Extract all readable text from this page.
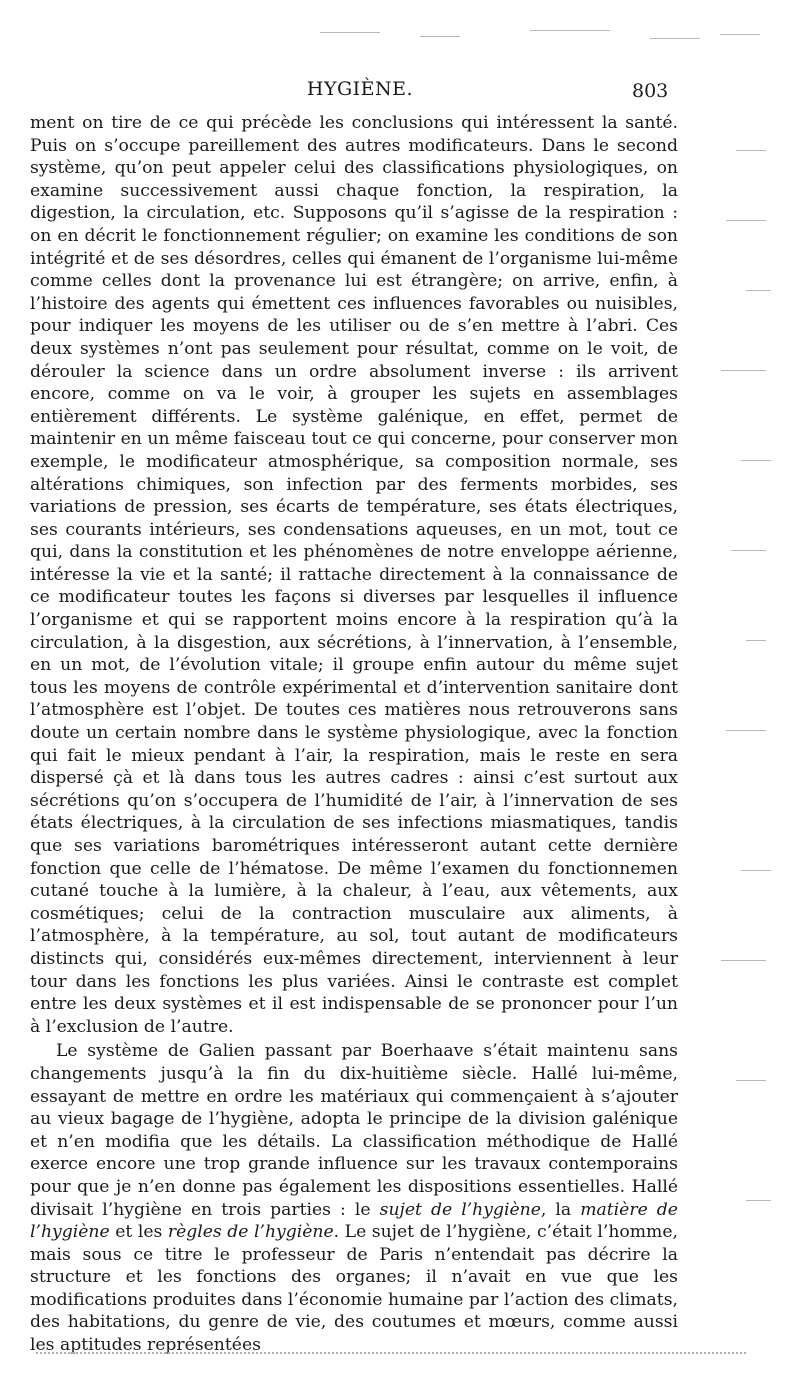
HYGIÈNE.	803

ment on tire de ce qui précède les conclusions qui intéressent la santé. Puis on s’occupe pareillement des autres modificateurs. Dans le second système, qu’on peut appeler celui des classifications physiologiques, on examine successivement aussi chaque fonction, la respiration, la digestion, la circulation, etc. Supposons qu’il s’agisse de la respiration : on en décrit le fonctionnement régulier; on examine les conditions de son intégrité et de ses désordres, celles qui émanent de l’organisme lui-même comme celles dont la provenance lui est étrangère; on arrive, enfin, à l’histoire des agents qui émettent ces influences favorables ou nuisibles, pour indiquer les moyens de les utiliser ou de s’en mettre à l’abri. Ces deux systèmes n’ont pas seulement pour résultat, comme on le voit, de dérouler la science dans un ordre absolument inverse : ils arrivent encore, comme on va le voir, à grouper les sujets en assemblages entièrement différents. Le système galénique, en effet, permet de maintenir en un même faisceau tout ce qui concerne, pour conserver mon exemple, le modificateur atmosphérique, sa composition normale, ses altérations chimiques, son infection par des ferments morbides, ses variations de pression, ses écarts de température, ses états électriques, ses courants intérieurs, ses condensations aqueuses, en un mot, tout ce qui, dans la constitution et les phénomènes de notre enveloppe aérienne, intéresse la vie et la santé; il rattache directement à la connaissance de ce modificateur toutes les façons si diverses par lesquelles il influence l’organisme et qui se rapportent moins encore à la respiration qu’à la circulation, à la disgestion, aux sécrétions, à l’innervation, à l’ensemble, en un mot, de l’évolution vitale; il groupe enfin autour du même sujet tous les moyens de contrôle expérimental et d’intervention sanitaire dont l’atmosphère est l’objet. De toutes ces matières nous retrouverons sans doute un certain nombre dans le système physiologique, avec la fonction qui fait le mieux pendant à l’air, la respiration, mais le reste en sera dispersé çà et là dans tous les autres cadres : ainsi c’est surtout aux sécrétions qu’on s’occupera de l’humidité de l’air, à l’innervation de ses états électriques, à la circulation de ses infections miasmatiques, tandis que ses variations barométriques intéresseront autant cette dernière fonction que celle de l’hématose. De même l’examen du fonctionnemen cutané touche à la lumière, à la chaleur, à l’eau, aux vêtements, aux cosmétiques; celui de la contraction musculaire aux aliments, à l’atmosphère, à la température, au sol, tout autant de modificateurs distincts qui, considérés eux-mêmes directement, interviennent à leur tour dans les fonctions les plus variées. Ainsi le contraste est complet entre les deux systèmes et il est indispensable de se prononcer pour l’un à l’exclusion de l’autre.

Le système de Galien passant par Boerhaave s’était maintenu sans changements jusqu’à la fin du dix-huitième siècle. Hallé lui-même, essayant de mettre en ordre les matériaux qui commençaient à s’ajouter au vieux bagage de l’hygiène, adopta le principe de la division galénique et n’en modifia que les détails. La classification méthodique de Hallé exerce encore une trop grande influence sur les travaux contemporains pour que je n’en donne pas également les dispositions essentielles. Hallé divisait l’hygiène en trois parties : le sujet de l’hygiène, la matière de l’hygiène et les règles de l’hygiène. Le sujet de l’hygiène, c’était l’homme, mais sous ce titre le professeur de Paris n’entendait pas décrire la structure et les fonctions des organes; il n’avait en vue que les modifications produites dans l’économie humaine par l’action des climats, des habitations, du genre de vie, des coutumes et mœurs, comme aussi les aptitudes représentées
